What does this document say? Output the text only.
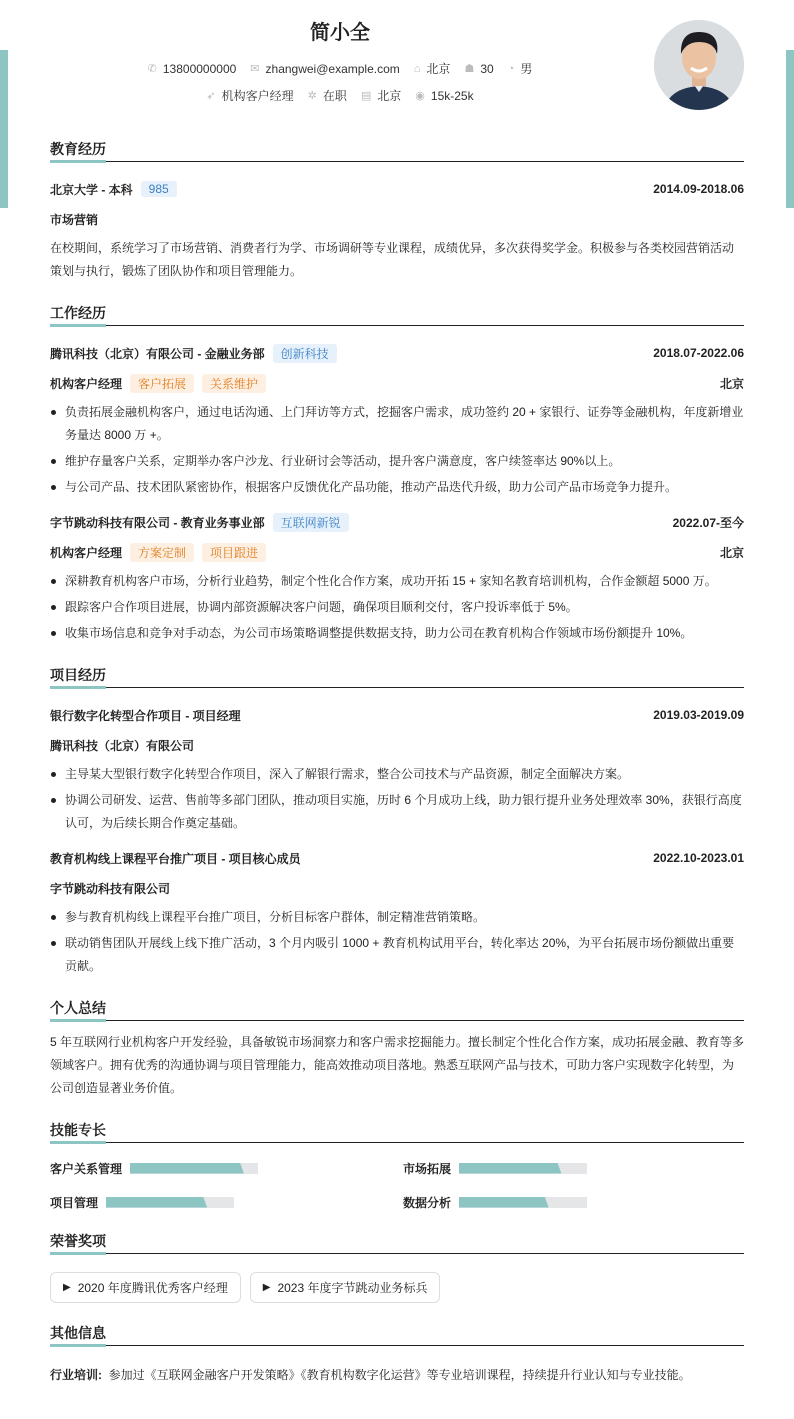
简小全
✆ 13800000000 ✉ zhangwei@example.com ⌂ 北京 ☗ 30 ◔ 男
➶ 机构客户经理 ✲ 在职 ▤ 北京 ◉ 15k-25k
教育经历
北京大学 - 本科	985	2014.09-2018.06
市场营销

在校期间，系统学习了市场营销、消费者行为学、市场调研等专业课程，成绩优异，多次获得奖学金。积极参与各类校园营销活动策划与执行，锻炼了团队协作和项目管理能力。

工作经历
腾讯科技（北京）有限公司 - 金融业务部	创新科技	2018.07-2022.06
机构客户经理	客户拓展	关系维护	北京
负责拓展金融机构客户，通过电话沟通、上门拜访等方式，挖掘客户需求，成功签约 20 + 家银行、证券等金融机构，年度新增业务量达 8000 万 +。
维护存量客户关系，定期举办客户沙龙、行业研讨会等活动，提升客户满意度，客户续签率达 90%以上。
与公司产品、技术团队紧密协作，根据客户反馈优化产品功能，推动产品迭代升级，助力公司产品市场竞争力提升。
字节跳动科技有限公司 - 教育业务事业部	互联网新锐	2022.07-至今
机构客户经理	方案定制	项目跟进	北京
深耕教育机构客户市场，分析行业趋势，制定个性化合作方案，成功开拓 15 + 家知名教育培训机构，合作金额超 5000 万。
跟踪客户合作项目进展，协调内部资源解决客户问题，确保项目顺利交付，客户投诉率低于 5%。
收集市场信息和竞争对手动态，为公司市场策略调整提供数据支持，助力公司在教育机构合作领域市场份额提升 10%。
项目经历
银行数字化转型合作项目 - 项目经理	2019.03-2019.09
腾讯科技（北京）有限公司
主导某大型银行数字化转型合作项目，深入了解银行需求，整合公司技术与产品资源，制定全面解决方案。
协调公司研发、运营、售前等多部门团队，推动项目实施，历时 6 个月成功上线，助力银行提升业务处理效率 30%，获银行高度认可，为后续长期合作奠定基础。
教育机构线上课程平台推广项目 - 项目核心成员	2022.10-2023.01
字节跳动科技有限公司
参与教育机构线上课程平台推广项目，分析目标客户群体，制定精准营销策略。
联动销售团队开展线上线下推广活动，3 个月内吸引 1000 + 教育机构试用平台，转化率达 20%，为平台拓展市场份额做出重要贡献。
个人总结

5 年互联网行业机构客户开发经验，具备敏锐市场洞察力和客户需求挖掘能力。擅长制定个性化合作方案，成功拓展金融、教育等多领域客户。拥有优秀的沟通协调与项目管理能力，能高效推动项目落地。熟悉互联网产品与技术，可助力客户实现数字化转型，为公司创造显著业务价值。

技能专长
客户关系管理	市场拓展
项目管理	数据分析
荣誉奖项
▶ 2020 年度腾讯优秀客户经理	▶ 2023 年度字节跳动业务标兵
其他信息
行业培训: 参加过《互联网金融客户开发策略》《教育机构数字化运营》等专业培训课程，持续提升行业认知与专业技能。
